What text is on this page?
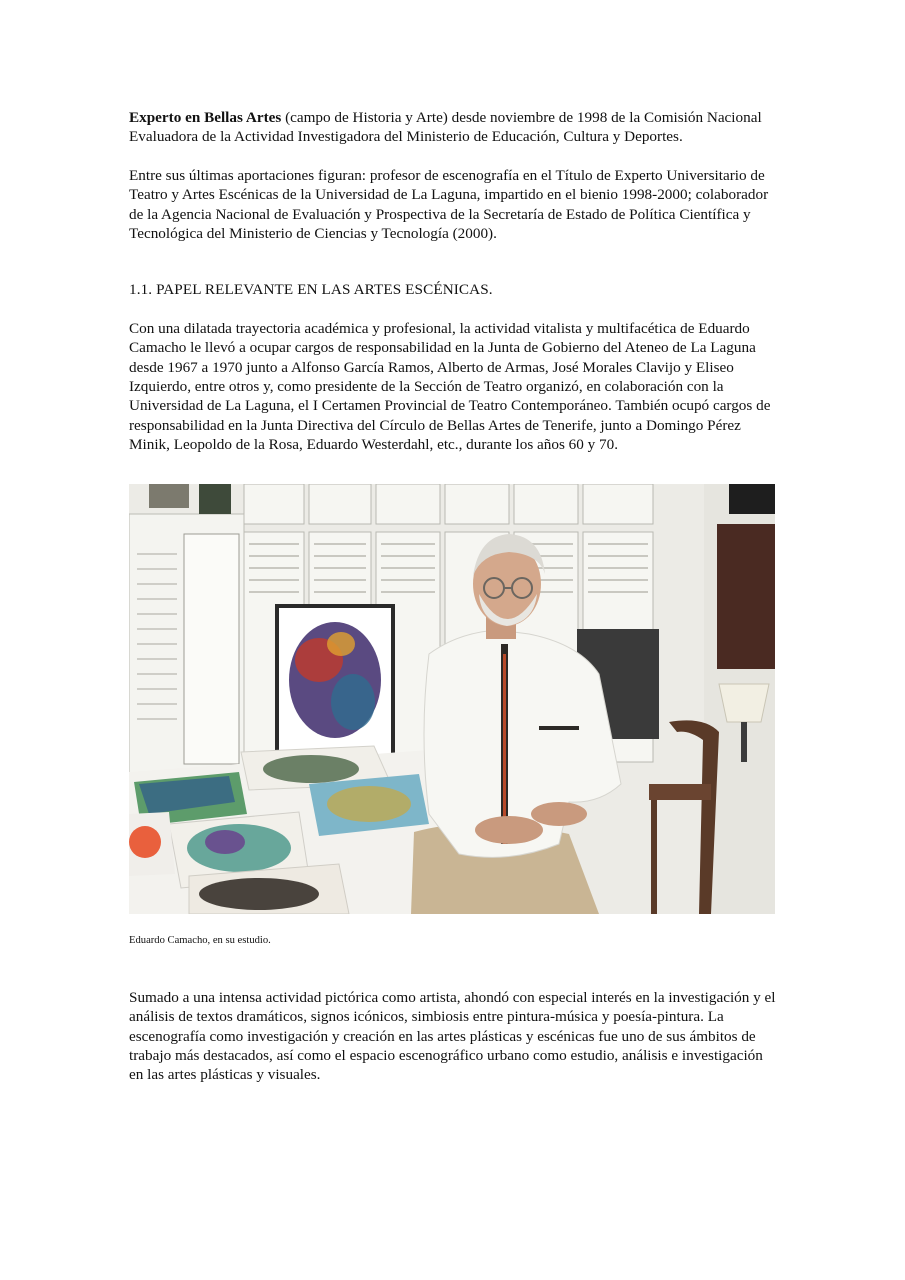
Experto en Bellas Artes (campo de Historia y Arte) desde noviembre de 1998 de la Comisión Nacional Evaluadora de la Actividad Investigadora del Ministerio de Educación, Cultura y Deportes.

Entre sus últimas aportaciones figuran: profesor de escenografía en el Título de Experto Universitario de Teatro y Artes Escénicas de la Universidad de La Laguna, impartido en el bienio 1998-2000; colaborador de la Agencia Nacional de Evaluación y Prospectiva de la Secretaría de Estado de Política Científica y Tecnológica del Ministerio de Ciencias y Tecnología (2000).

1.1. PAPEL RELEVANTE EN LAS ARTES ESCÉNICAS.

Con una dilatada trayectoria académica y profesional, la actividad vitalista y multifacética de Eduardo Camacho le llevó a ocupar cargos de responsabilidad en la Junta de Gobierno del Ateneo de La Laguna desde 1967 a 1970 junto a Alfonso García Ramos, Alberto de Armas, José Morales Clavijo y Eliseo Izquierdo, entre otros y, como presidente de la Sección de Teatro organizó, en colaboración con la Universidad de La Laguna, el I Certamen Provincial de Teatro Contemporáneo. También ocupó cargos de responsabilidad en la Junta Directiva del Círculo de Bellas Artes de Tenerife, junto a Domingo Pérez Minik, Leopoldo de la Rosa, Eduardo Westerdahl, etc., durante los años 60 y 70.

Eduardo Camacho, en su estudio.

Sumado a una intensa actividad pictórica como artista, ahondó con especial interés en la investigación y el análisis de textos dramáticos, signos icónicos, simbiosis entre pintura-música y poesía-pintura. La escenografía como investigación y creación en las artes plásticas y escénicas fue uno de sus ámbitos de trabajo más destacados, así como el espacio escenográfico urbano como estudio, análisis e investigación en las artes plásticas y visuales.
